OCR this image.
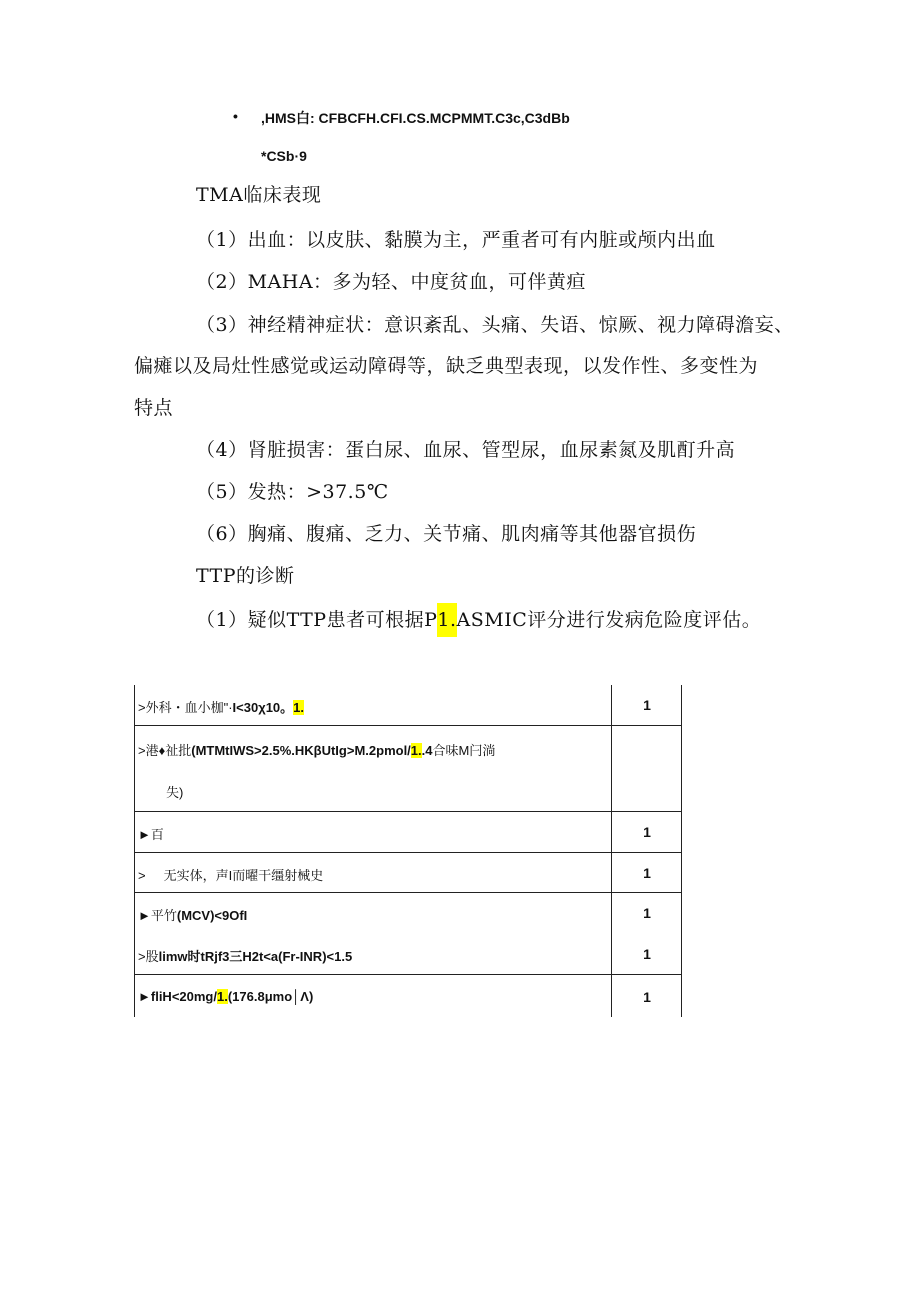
• ,HMS白: CFBCFH.CFI.CS.MCPMMT.C3c,C3dBb
*CSb·9
TMA临床表现
（1）出血：以皮肤、黏膜为主，严重者可有内脏或颅内出血
（2）MAHA：多为轻、中度贫血，可伴黄疸
（3）神经精神症状：意识紊乱、头痛、失语、惊厥、视力障碍澹妄、
偏瘫以及局灶性感觉或运动障碍等，缺乏典型表现，以发作性、多变性为
特点
（4）肾脏损害：蛋白尿、血尿、管型尿，血尿素氮及肌酊升高
（5）发热：>37.5℃
（6）胸痛、腹痛、乏力、关节痛、肌肉痛等其他器官损伤
TTP的诊断
（1）疑似TTP患者可根据P1.ASMIC评分进行发病危险度评估。
>外科・血小枷"·I<30χ10。1.	1
>港♦祉批(MTMtIWS>2.5%.HKβUtIg>M.2pmol/1..4合味M闩淌
失)
►百	1
>     无实体，声I而曜干缰射械史	1
►平竹(MCV)<9OfI	1
>股limw时tRjf3三H2t<a(Fr-INR)<1.5	1
►fliH<20mg/1.(176.8μmo│Λ)	1
